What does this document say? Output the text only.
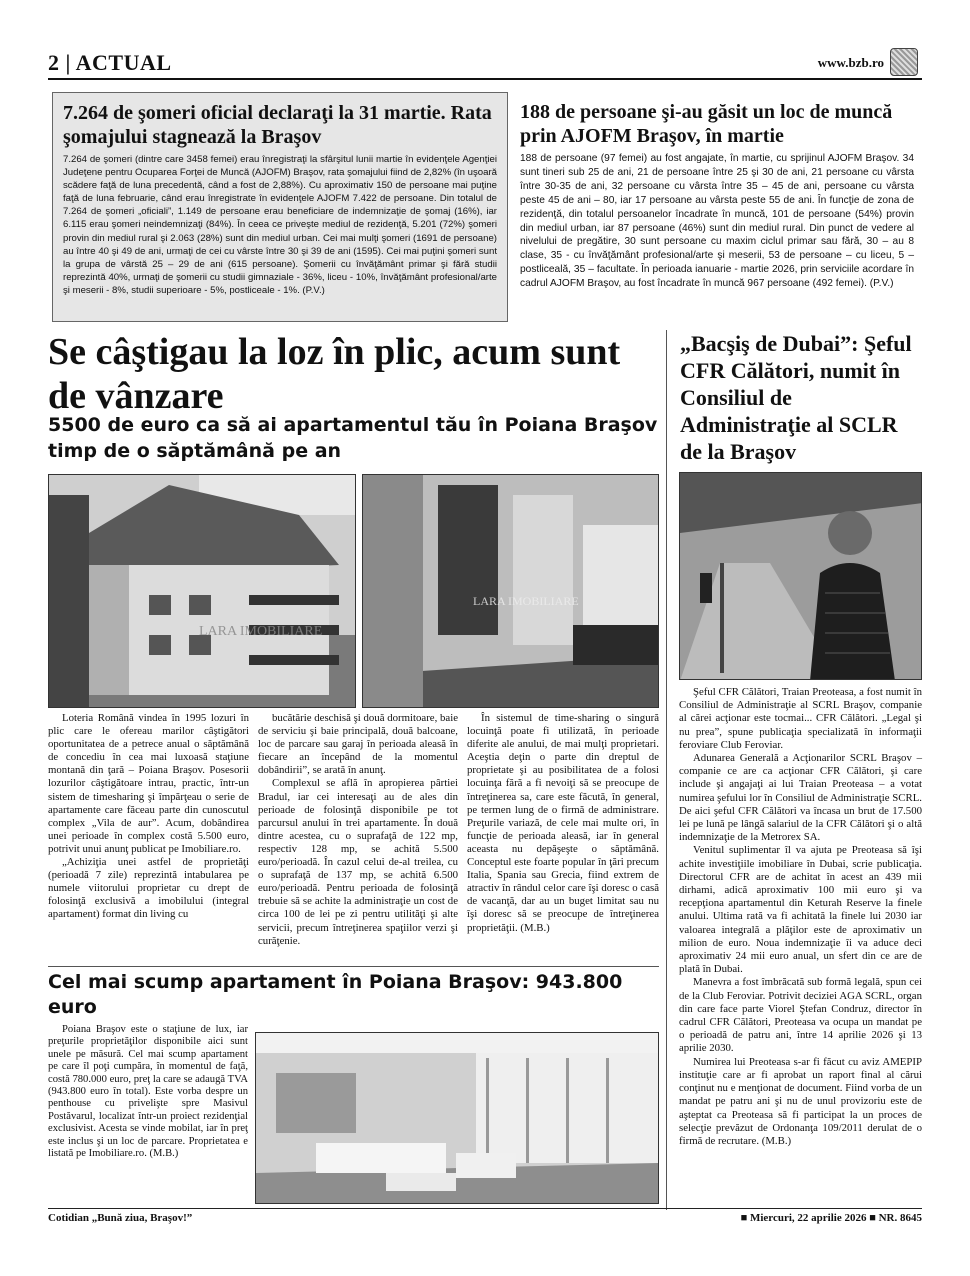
2 | ACTUAL	www.bzb.ro
7.264 de şomeri oficial declaraţi la 31 martie. Rata şomajului stagnează la Braşov

7.264 de şomeri (dintre care 3458 femei) erau înregistraţi la sfârşitul lunii martie în evidenţele Agenţiei Judeţene pentru Ocuparea Forţei de Muncă (AJOFM) Braşov, rata şomajului fiind de 2,82% (în uşoară scădere faţă de luna precedentă, când a fost de 2,88%). Cu aproximativ 150 de persoane mai puţine faţă de luna februarie, când erau înregistrate în evidenţele AJOFM 7.422 de persoane. Din totalul de 7.264 de şomeri „oficiali”, 1.149 de persoane erau beneficiare de indemnizaţie de şomaj (16%), iar 6.115 erau şomeri neindemnizaţi (84%). În ceea ce priveşte mediul de rezidenţă, 5.201 (72%) şomeri provin din mediul rural şi 2.063 (28%) sunt din mediul urban. Cei mai mulţi şomeri (1691 de persoane) au între 40 şi 49 de ani, urmaţi de cei cu vârste între 30 şi 39 de ani (1595). Cei mai puţini şomeri sunt la grupa de vârstă 25 – 29 de ani (615 persoane). Şomerii cu învăţământ primar şi fără studii reprezintă 40%, urmaţi de şomerii cu studii gimnaziale - 36%, liceu - 10%, învăţământ profesional/arte şi meserii - 8%, studii superioare - 5%, postliceale - 1%. (P.V.)

188 de persoane şi-au găsit un loc de muncă prin AJOFM Braşov, în martie

188 de persoane (97 femei) au fost angajate, în martie, cu sprijinul AJOFM Braşov. 34 sunt tineri sub 25 de ani, 21 de persoane între 25 şi 30 de ani, 21 persoane cu vârsta între 30-35 de ani, 32 persoane cu vârsta între 35 – 45 de ani, persoane cu vârsta peste 45 de ani – 80, iar 17 persoane au vârsta peste 55 de ani. În funcţie de zona de rezidenţă, din totalul persoanelor încadrate în muncă, 101 de persoane (54%) provin din mediul urban, iar 87 persoane (46%) sunt din mediul rural. Din punct de vedere al nivelului de pregătire, 30 sunt persoane cu maxim ciclul primar sau fără, 30 – au 8 clase, 35 - cu învăţământ profesional/arte şi meserii, 53 de persoane – cu liceu, 5 – postliceală, 35 – facultate. În perioada ianuarie - martie 2026, prin serviciile acordare în cadrul AJOFM Braşov, au fost încadrate în muncă 967 persoane (492 femei). (P.V.)

Se câştigau la loz în plic, acum sunt de vânzare
5500 de euro ca să ai apartamentul tău în Poiana Braşov timp de o săptămână pe an
LARA IMOBILIARE
LARA IMOBILIARE

Loteria Română vindea în 1995 lozuri în plic care le ofereau marilor câştigători oportunitatea de a petrece anual o săptămână de concediu în cea mai luxoasă staţiune montană din ţară – Poiana Braşov. Posesorii lozurilor câştigătoare intrau, practic, într-un sistem de timesharing şi împărţeau o serie de apartamente care făceau parte din cunoscutul complex „Vila de aur”. Acum, dobândirea unei perioade în complex costă 5.500 euro, potrivit unui anunţ publicat pe Imobiliare.ro.

„Achiziţia unei astfel de proprietăţi (perioadă 7 zile) reprezintă intabularea pe numele viitorului proprietar cu drept de folosinţă exclusivă a imobilului (integral apartament) format din living cu

bucătărie deschisă şi două dormitoare, baie de serviciu şi baie principală, două balcoane, loc de parcare sau garaj în perioada aleasă în fiecare an începând de la momentul dobândirii”, se arată în anunţ.

Complexul se află în apropierea pârtiei Bradul, iar cei interesaţi au de ales din perioade de folosinţă disponibile pe tot parcursul anului în trei apartamente. În două dintre acestea, cu o suprafaţă de 122 mp, respectiv 128 mp, se achită 5.500 euro/perioadă. În cazul celui de-al treilea, cu o suprafaţă de 137 mp, se achită 6.500 euro/perioadă. Pentru perioada de folosinţă trebuie să se achite la administraţie un cost de circa 100 de lei pe zi pentru utilităţi şi alte servicii, precum întreţinerea spaţiilor verzi şi curăţenie.

În sistemul de time-sharing o singură locuinţă poate fi utilizată, în perioade diferite ale anului, de mai mulţi proprietari. Aceştia deţin o parte din dreptul de proprietate şi au posibilitatea de a folosi locuinţa fără a fi nevoiţi să se preocupe de întreţinerea sa, care este făcută, în general, pe termen lung de o firmă de administrare. Preţurile variază, de cele mai multe ori, în funcţie de perioada aleasă, iar în general aceasta nu depăşeşte o săptămână. Conceptul este foarte popular în ţări precum Italia, Spania sau Grecia, fiind extrem de atractiv în rândul celor care îşi doresc o casă de vacanţă, dar au un buget limitat sau nu îşi doresc să se preocupe de întreţinerea proprietăţii. (M.B.)

Cel mai scump apartament în Poiana Braşov: 943.800 euro

Poiana Braşov este o staţiune de lux, iar preţurile proprietăţilor disponibile aici sunt unele pe măsură. Cel mai scump apartament pe care îl poţi cumpăra, în momentul de faţă, costă 780.000 euro, preţ la care se adaugă TVA (943.800 euro în total). Este vorba despre un penthouse cu privelişte spre Masivul Postăvarul, localizat într-un proiect rezidenţial exclusivist. Acesta se vinde mobilat, iar în preţ este inclus şi un loc de parcare. Proprietatea e listată pe Imobiliare.ro. (M.B.)

„Bacşiş de Dubai”: Şeful CFR Călători, numit în Consiliul de Administraţie al SCLR de la Braşov

Şeful CFR Călători, Traian Preoteasa, a fost numit în Consiliul de Administraţie al SCRL Braşov, companie al cărei acţionar este tocmai... CFR Călători. „Legal şi nu prea”, spune publicaţia specializată în informaţii feroviare Club Feroviar.

Adunarea Generală a Acţionarilor SCRL Braşov – companie ce are ca acţionar CFR Călători, şi care include şi angajaţi ai lui Traian Preoteasa – a votat numirea şefului lor în Consiliul de Administraţie SCRL. De aici şeful CFR Călători va încasa un brut de 17.500 lei pe lună pe lângă salariul de la CFR Călători şi o altă indemnizaţie de la Metrorex SA.

Venitul suplimentar îl va ajuta pe Preoteasa să îşi achite investiţiile imobiliare în Dubai, scrie publicaţia. Directorul CFR are de achitat în acest an 439 mii dirhami, adică aproximativ 100 mii euro şi va recepţiona apartamentul din Keturah Reserve la finele anului. Ultima rată va fi achitată la finele lui 2030 iar valoarea integrală a plăţilor este de aproximativ un milion de euro. Noua indemnizaţie îi va aduce deci aproximativ 24 mii euro anual, un sfert din ce are de plată în Dubai.

Manevra a fost îmbrăcată sub formă legală, spun cei de la Club Feroviar. Potrivit deciziei AGA SCRL, organ din care face parte Viorel Ştefan Condruz, director în cadrul CFR Călători, Preoteasa va ocupa un mandat pe o perioadă de patru ani, între 14 aprilie 2026 şi 13 aprilie 2030.

Numirea lui Preoteasa s-ar fi făcut cu aviz AMEPIP instituţie care ar fi aprobat un raport final al cărui conţinut nu e menţionat de document. Fiind vorba de un mandat pe patru ani şi nu de unul provizoriu este de aşteptat ca Preoteasa să fi participat la un proces de selecţie prevăzut de Ordonanţa 109/2011 derulat de o firmă de recrutare. (M.B.)

Cotidian „Bună ziua, Braşov!”	■ Miercuri, 22 aprilie 2026 ■ NR. 8645
